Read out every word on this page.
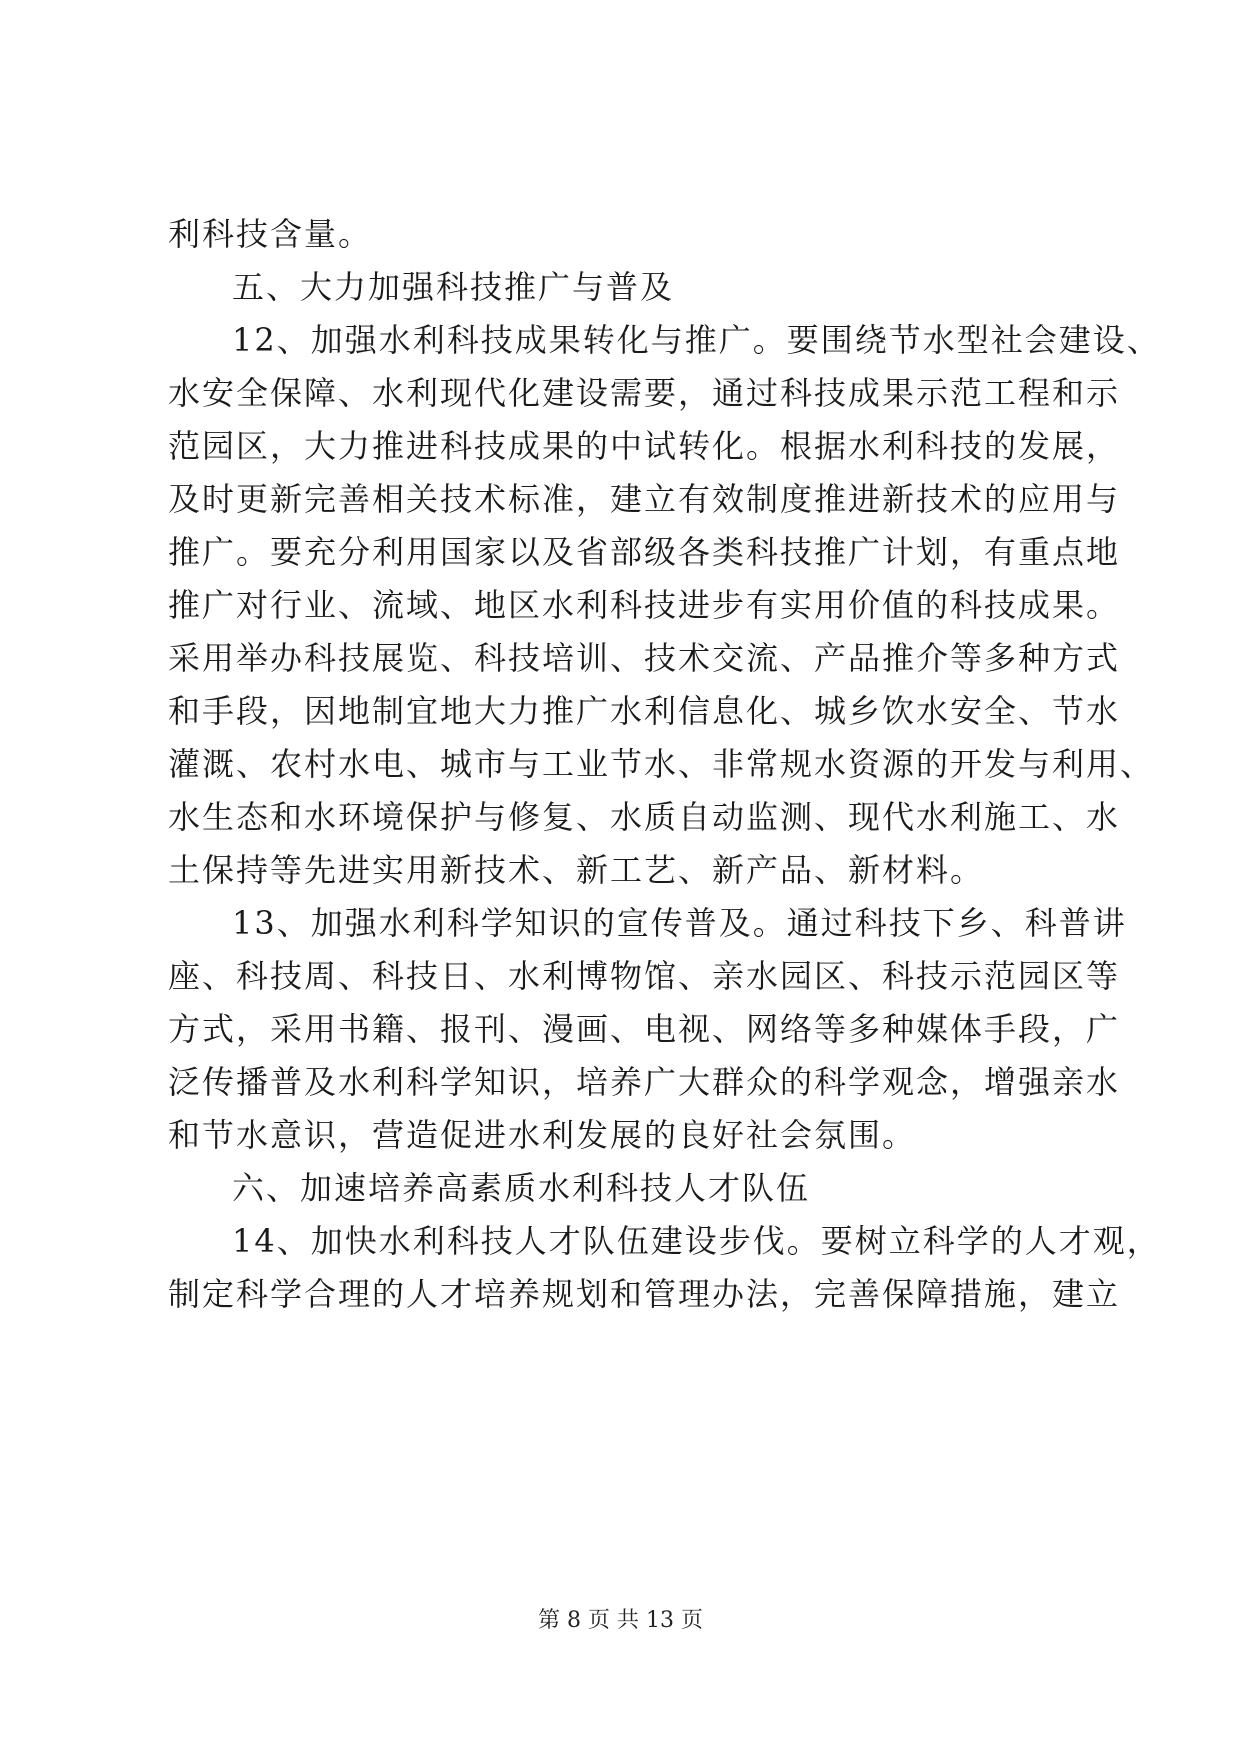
利科技含量。
五、大力加强科技推广与普及
12、加强水利科技成果转化与推广。要围绕节水型社会建设、
水安全保障、水利现代化建设需要，通过科技成果示范工程和示
范园区，大力推进科技成果的中试转化。根据水利科技的发展，
及时更新完善相关技术标准，建立有效制度推进新技术的应用与
推广。要充分利用国家以及省部级各类科技推广计划，有重点地
推广对行业、流域、地区水利科技进步有实用价值的科技成果。
采用举办科技展览、科技培训、技术交流、产品推介等多种方式
和手段，因地制宜地大力推广水利信息化、城乡饮水安全、节水
灌溉、农村水电、城市与工业节水、非常规水资源的开发与利用、
水生态和水环境保护与修复、水质自动监测、现代水利施工、水
土保持等先进实用新技术、新工艺、新产品、新材料。
13、加强水利科学知识的宣传普及。通过科技下乡、科普讲
座、科技周、科技日、水利博物馆、亲水园区、科技示范园区等
方式，采用书籍、报刊、漫画、电视、网络等多种媒体手段，广
泛传播普及水利科学知识，培养广大群众的科学观念，增强亲水
和节水意识，营造促进水利发展的良好社会氛围。
六、加速培养高素质水利科技人才队伍
14、加快水利科技人才队伍建设步伐。要树立科学的人才观，
制定科学合理的人才培养规划和管理办法，完善保障措施，建立
第 8 页 共 13 页
